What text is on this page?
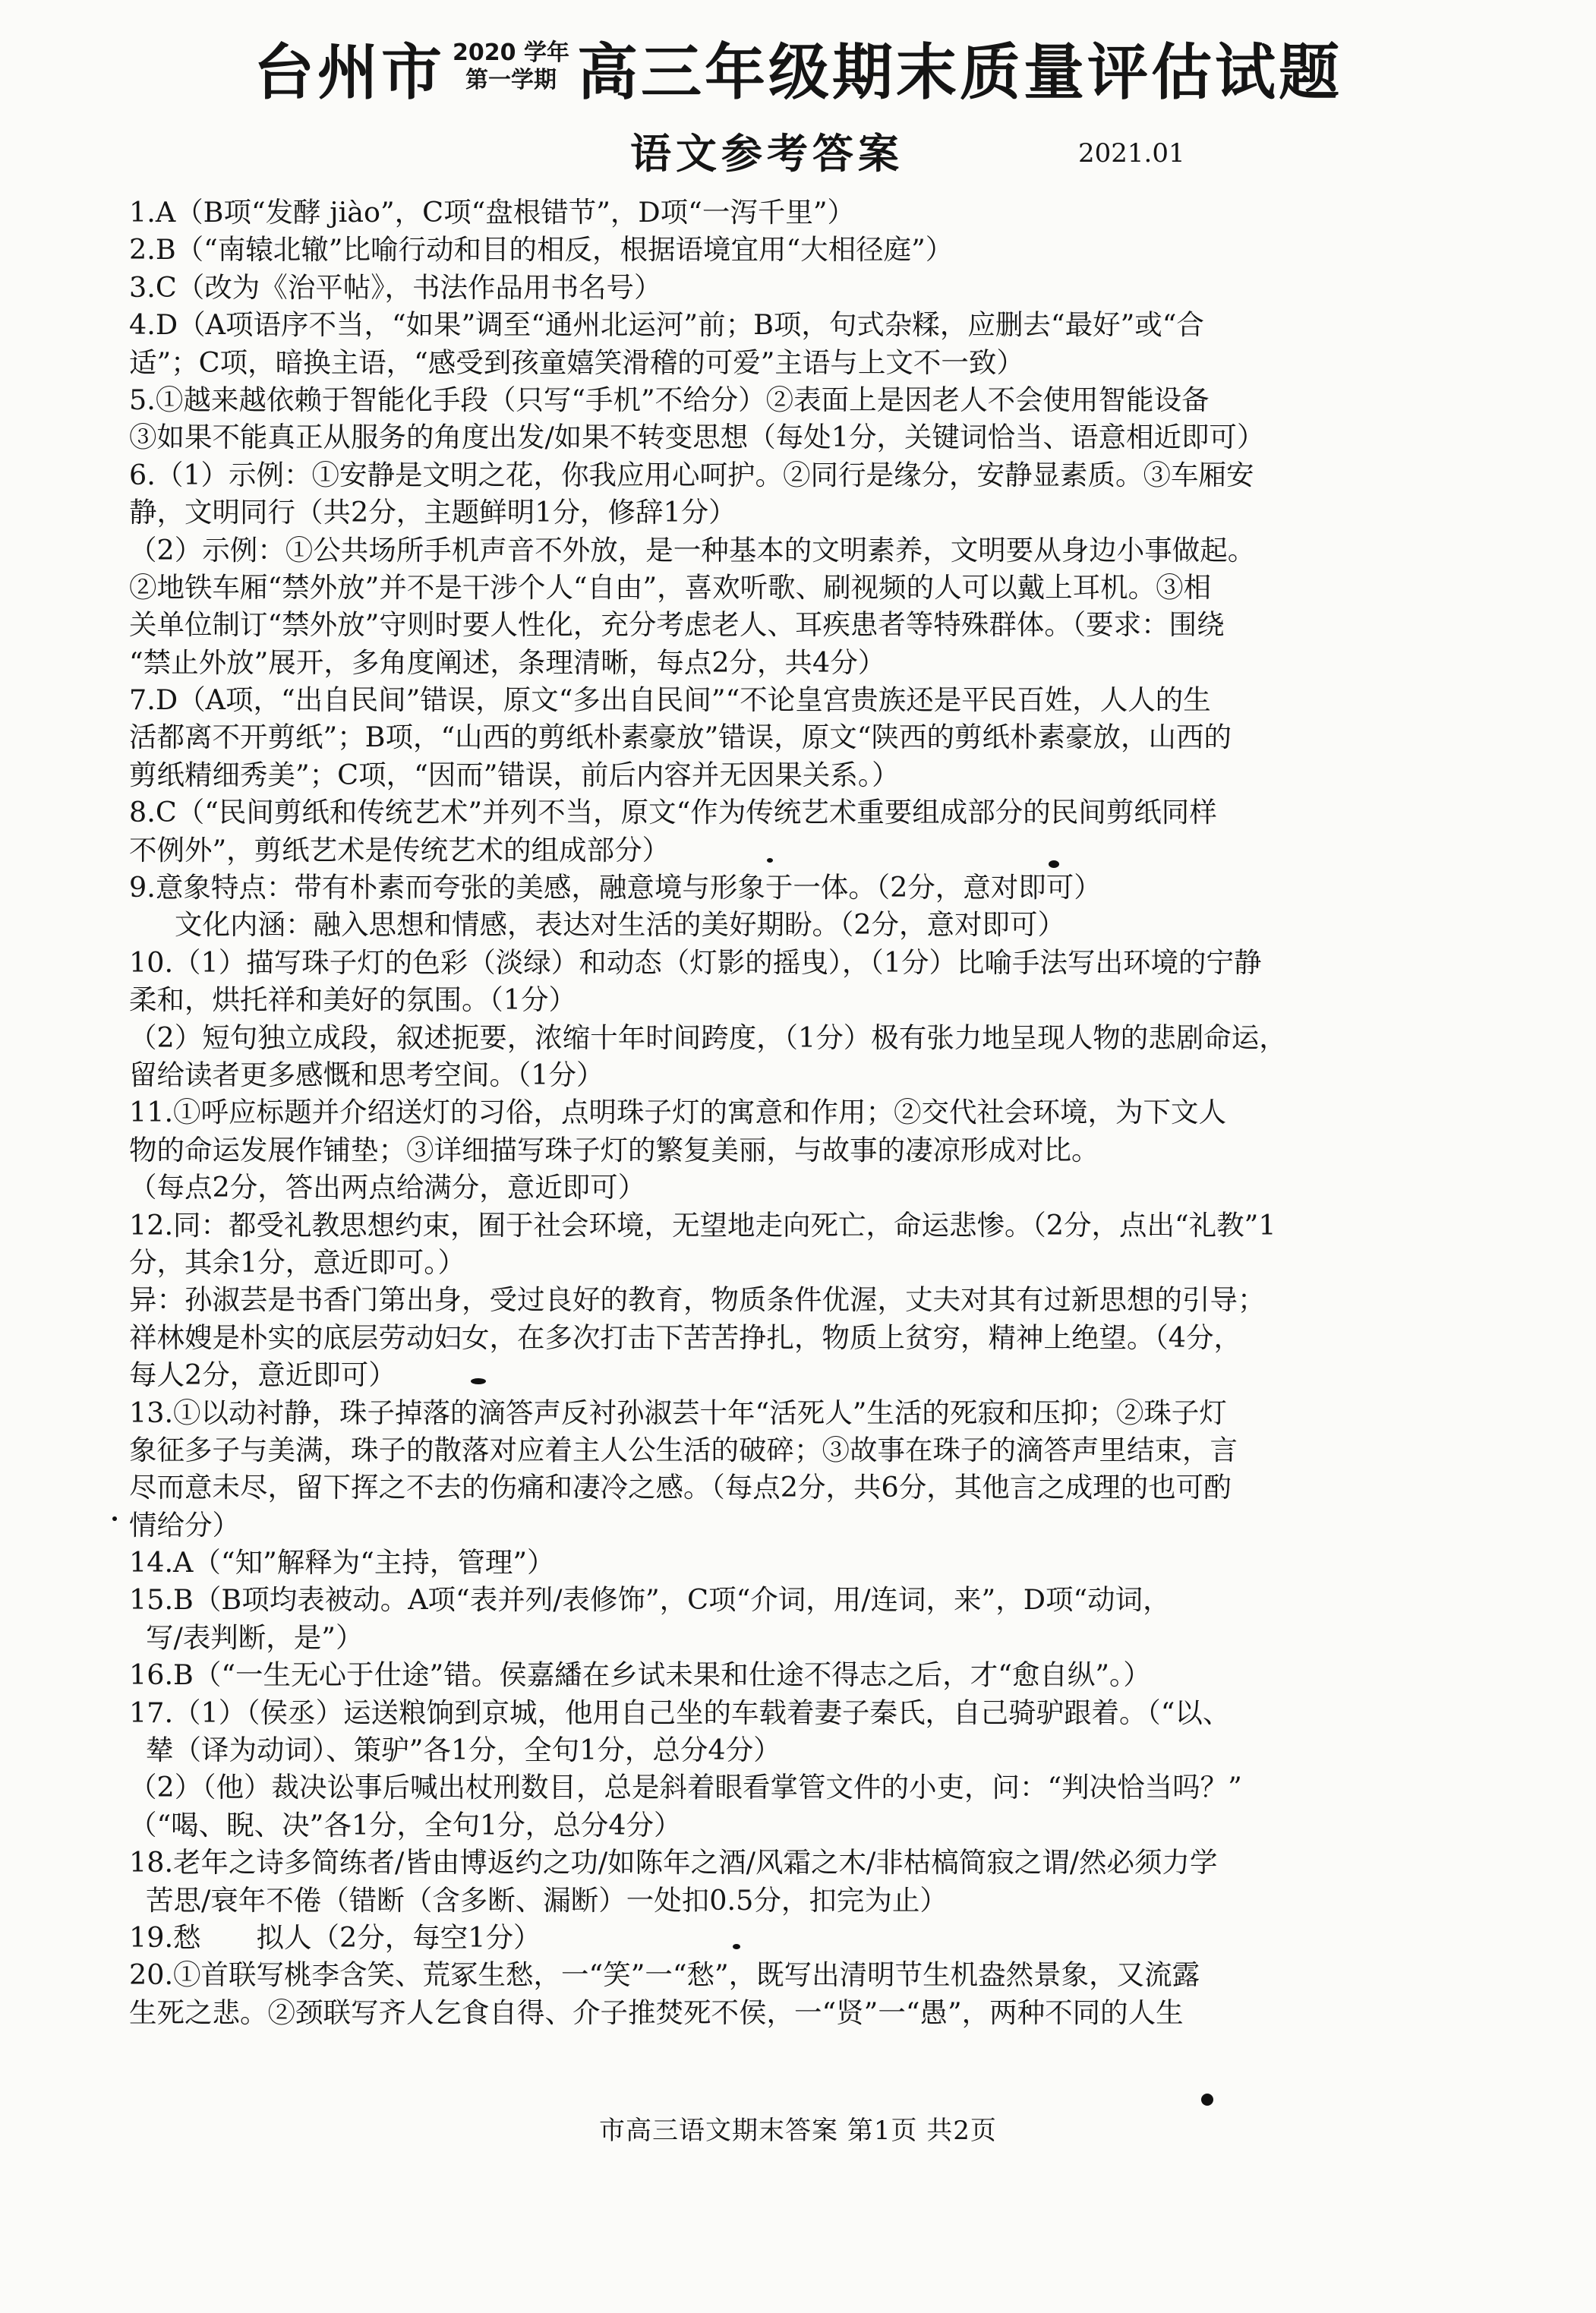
台州市 2020 学年
第一学期 高三年级期末质量评估试题
语文参考答案	2021.01
1.A（B项“发酵 jiào”，C项“盘根错节”，D项“一泻千里”）
2.B（“南辕北辙”比喻行动和目的相反，根据语境宜用“大相径庭”）
3.C（改为《治平帖》，书法作品用书名号）
4.D（A项语序不当，“如果”调至“通州北运河”前；B项，句式杂糅，应删去“最好”或“合
适”；C项，暗换主语，“感受到孩童嬉笑滑稽的可爱”主语与上文不一致）
5.①越来越依赖于智能化手段（只写“手机”不给分）②表面上是因老人不会使用智能设备
③如果不能真正从服务的角度出发/如果不转变思想（每处1分，关键词恰当、语意相近即可）
6.（1）示例：①安静是文明之花，你我应用心呵护。②同行是缘分，安静显素质。③车厢安
静，文明同行（共2分，主题鲜明1分，修辞1分）
（2）示例：①公共场所手机声音不外放，是一种基本的文明素养，文明要从身边小事做起。
②地铁车厢“禁外放”并不是干涉个人“自由”，喜欢听歌、刷视频的人可以戴上耳机。③相
关单位制订“禁外放”守则时要人性化，充分考虑老人、耳疾患者等特殊群体。（要求：围绕
“禁止外放”展开，多角度阐述，条理清晰，每点2分，共4分）
7.D（A项，“出自民间”错误，原文“多出自民间”“不论皇宫贵族还是平民百姓，人人的生
活都离不开剪纸”；B项，“山西的剪纸朴素豪放”错误，原文“陕西的剪纸朴素豪放，山西的
剪纸精细秀美”；C项，“因而”错误，前后内容并无因果关系。）
8.C（“民间剪纸和传统艺术”并列不当，原文“作为传统艺术重要组成部分的民间剪纸同样
不例外”，剪纸艺术是传统艺术的组成部分）
9.意象特点：带有朴素而夸张的美感，融意境与形象于一体。（2分，意对即可）
文化内涵：融入思想和情感，表达对生活的美好期盼。（2分，意对即可）
10.（1）描写珠子灯的色彩（淡绿）和动态（灯影的摇曳），（1分）比喻手法写出环境的宁静
柔和，烘托祥和美好的氛围。（1分）
（2）短句独立成段，叙述扼要，浓缩十年时间跨度，（1分）极有张力地呈现人物的悲剧命运，
留给读者更多感慨和思考空间。（1分）
11.①呼应标题并介绍送灯的习俗，点明珠子灯的寓意和作用；②交代社会环境，为下文人
物的命运发展作铺垫；③详细描写珠子灯的繁复美丽，与故事的凄凉形成对比。
（每点2分，答出两点给满分，意近即可）
12.同：都受礼教思想约束，囿于社会环境，无望地走向死亡，命运悲惨。（2分，点出“礼教”1
分，其余1分，意近即可。）
异：孙淑芸是书香门第出身，受过良好的教育，物质条件优渥，丈夫对其有过新思想的引导；
祥林嫂是朴实的底层劳动妇女，在多次打击下苦苦挣扎，物质上贫穷，精神上绝望。（4分，
每人2分，意近即可）
13.①以动衬静，珠子掉落的滴答声反衬孙淑芸十年“活死人”生活的死寂和压抑；②珠子灯
象征多子与美满，珠子的散落对应着主人公生活的破碎；③故事在珠子的滴答声里结束，言
尽而意未尽，留下挥之不去的伤痛和凄冷之感。（每点2分，共6分，其他言之成理的也可酌
情给分）
14.A（“知”解释为“主持，管理”）
15.B（B项均表被动。A项“表并列/表修饰”，C项“介词，用/连词，来”，D项“动词，
写/表判断，是”）
16.B（“一生无心于仕途”错。侯嘉繙在乡试未果和仕途不得志之后，才“愈自纵”。）
17.（1）（侯丞）运送粮饷到京城，他用自己坐的车载着妻子秦氏，自己骑驴跟着。（“以、
辇（译为动词）、策驴”各1分，全句1分，总分4分）
（2）（他）裁决讼事后喊出杖刑数目，总是斜着眼看掌管文件的小吏，问：“判决恰当吗？”
（“喝、睨、决”各1分，全句1分，总分4分）
18.老年之诗多简练者/皆由博返约之功/如陈年之酒/风霜之木/非枯槁简寂之谓/然必须力学
苦思/衰年不倦（错断（含多断、漏断）一处扣0.5分，扣完为止）
19.愁　　拟人（2分，每空1分）
20.①首联写桃李含笑、荒冢生愁，一“笑”一“愁”，既写出清明节生机盎然景象，又流露
生死之悲。②颈联写齐人乞食自得、介子推焚死不侯，一“贤”一“愚”，两种不同的人生
市高三语文期末答案 第1页 共2页
